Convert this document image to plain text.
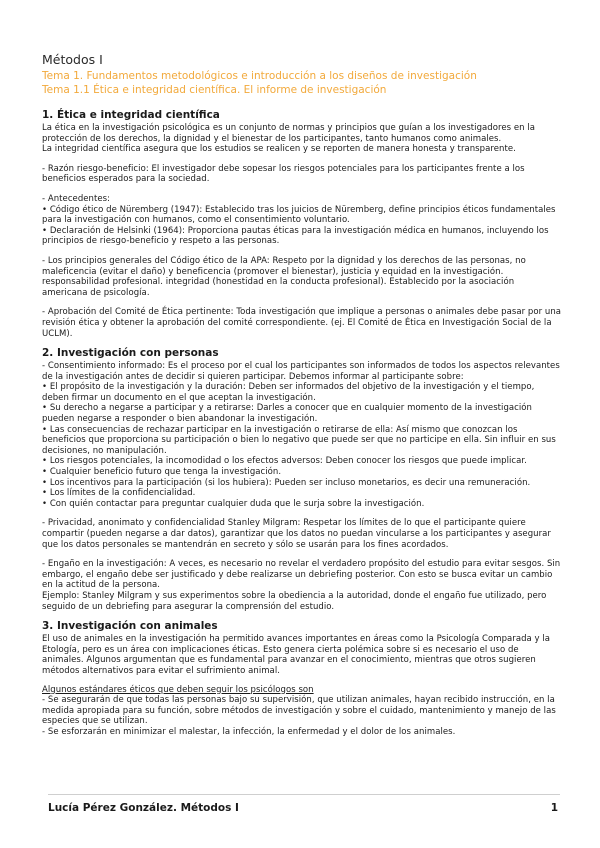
Métodos I
Tema 1. Fundamentos metodológicos e introducción a los diseños de investigación
Tema 1.1 Ética e integridad científica. El informe de investigación
1. Ética e integridad científica

La ética en la investigación psicológica es un conjunto de normas y principios que guían a los investigadores en la protección de los derechos, la dignidad y el bienestar de los participantes, tanto humanos como animales.

La integridad científica asegura que los estudios se realicen y se reporten de manera honesta y transparente.

- Razón riesgo-beneficio: El investigador debe sopesar los riesgos potenciales para los participantes frente a los beneficios esperados para la sociedad.

- Antecedentes:

• Código ético de Nüremberg (1947): Establecido tras los juicios de Nüremberg, define principios éticos fundamentales para la investigación con humanos, como el consentimiento voluntario.

• Declaración de Helsinki (1964): Proporciona pautas éticas para la investigación médica en humanos, incluyendo los principios de riesgo-beneficio y respeto a las personas.

- Los principios generales del Código ético de la APA: Respeto por la dignidad y los derechos de las personas, no maleficencia (evitar el daño) y beneficencia (promover el bienestar), justicia y equidad en la investigación. responsabilidad profesional. integridad (honestidad en la conducta profesional). Establecido por la asociación americana de psicología.

- Aprobación del Comité de Ética pertinente: Toda investigación que implique a personas o animales debe pasar por una revisión ética y obtener la aprobación del comité correspondiente. (ej. El Comité de Ética en Investigación Social de la UCLM).

2. Investigación con personas

- Consentimiento informado: Es el proceso por el cual los participantes son informados de todos los aspectos relevantes de la investigación antes de decidir si quieren participar. Debemos informar al participante sobre:

• El propósito de la investigación y la duración: Deben ser informados del objetivo de la investigación y el tiempo, deben firmar un documento en el que aceptan la investigación.

• Su derecho a negarse a participar y a retirarse: Darles a conocer que en cualquier momento de la investigación pueden negarse a responder o bien abandonar la investigación.

• Las consecuencias de rechazar participar en la investigación o retirarse de ella: Así mismo que conozcan los beneficios que proporciona su participación o bien lo negativo que puede ser que no participe en ella. Sin influir en sus decisiones, no manipulación.

• Los riesgos potenciales, la incomodidad o los efectos adversos: Deben conocer los riesgos que puede implicar.

• Cualquier beneficio futuro que tenga la investigación.

• Los incentivos para la participación (si los hubiera): Pueden ser incluso monetarios, es decir una remuneración.

• Los límites de la confidencialidad.

• Con quién contactar para preguntar cualquier duda que le surja sobre la investigación.

- Privacidad, anonimato y confidencialidad Stanley Milgram: Respetar los límites de lo que el participante quiere compartir (pueden negarse a dar datos), garantizar que los datos no puedan vincularse a los participantes y asegurar que los datos personales se mantendrán en secreto y sólo se usarán para los fines acordados.

- Engaño en la investigación: A veces, es necesario no revelar el verdadero propósito del estudio para evitar sesgos. Sin embargo, el engaño debe ser justificado y debe realizarse un debriefing posterior. Con esto se busca evitar un cambio en la actitud de la persona.

Ejemplo: Stanley Milgram y sus experimentos sobre la obediencia a la autoridad, donde el engaño fue utilizado, pero seguido de un debriefing para asegurar la comprensión del estudio.

3. Investigación con animales

El uso de animales en la investigación ha permitido avances importantes en áreas como la Psicología Comparada y la Etología, pero es un área con implicaciones éticas. Esto genera cierta polémica sobre si es necesario el uso de animales. Algunos argumentan que es fundamental para avanzar en el conocimiento, mientras que otros sugieren métodos alternativos para evitar el sufrimiento animal.

Algunos estándares éticos que deben seguir los psicólogos son

- Se asegurarán de que todas las personas bajo su supervisión, que utilizan animales, hayan recibido instrucción, en la medida apropiada para su función, sobre métodos de investigación y sobre el cuidado, mantenimiento y manejo de las especies que se utilizan.

- Se esforzarán en minimizar el malestar, la infección, la enfermedad y el dolor de los animales.

Lucía Pérez González. Métodos I	1
